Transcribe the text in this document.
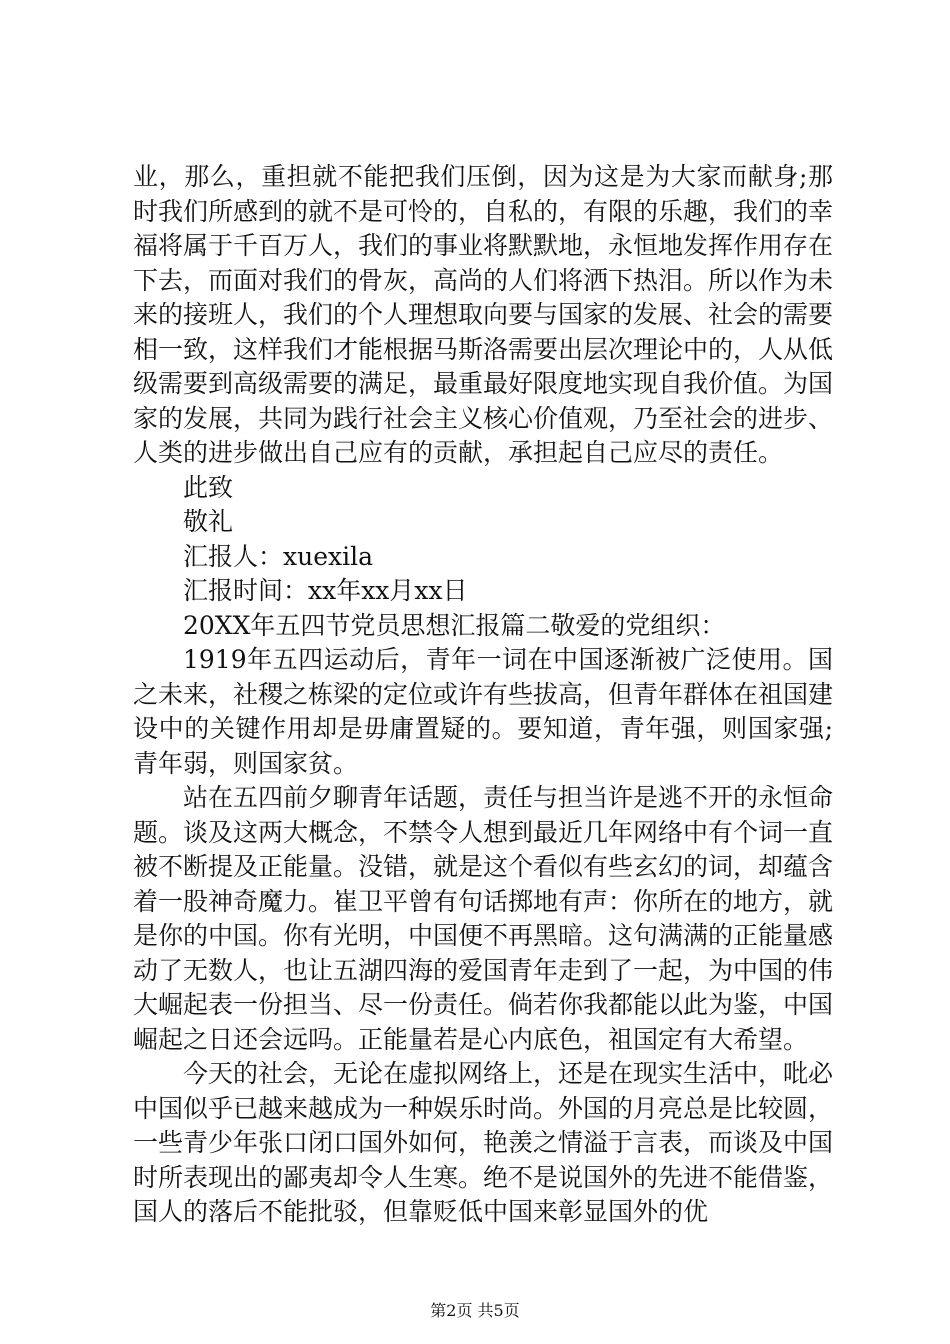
业，那么，重担就不能把我们压倒，因为这是为大家而献身;那时我们所感到的就不是可怜的，自私的，有限的乐趣，我们的幸福将属于千百万人，我们的事业将默默地，永恒地发挥作用存在下去，而面对我们的骨灰，高尚的人们将洒下热泪。所以作为未来的接班人，我们的个人理想取向要与国家的发展、社会的需要相一致，这样我们才能根据马斯洛需要出层次理论中的，人从低级需要到高级需要的满足，最重最好限度地实现自我价值。为国家的发展，共同为践行社会主义核心价值观，乃至社会的进步、人类的进步做出自己应有的贡献，承担起自己应尽的责任。

此致

敬礼

汇报人：xuexila

汇报时间：xx年xx月xx日

20XX年五四节党员思想汇报篇二敬爱的党组织：

1919年五四运动后，青年一词在中国逐渐被广泛使用。国之未来，社稷之栋梁的定位或许有些拔高，但青年群体在祖国建设中的关键作用却是毋庸置疑的。要知道，青年强，则国家强;青年弱，则国家贫。

站在五四前夕聊青年话题，责任与担当许是逃不开的永恒命题。谈及这两大概念，不禁令人想到最近几年网络中有个词一直被不断提及正能量。没错，就是这个看似有些玄幻的词，却蕴含着一股神奇魔力。崔卫平曾有句话掷地有声：你所在的地方，就是你的中国。你有光明，中国便不再黑暗。这句满满的正能量感动了无数人，也让五湖四海的爱国青年走到了一起，为中国的伟大崛起表一份担当、尽一份责任。倘若你我都能以此为鉴，中国崛起之日还会远吗。正能量若是心内底色，祖国定有大希望。

今天的社会，无论在虚拟网络上，还是在现实生活中，吡必中国似乎已越来越成为一种娱乐时尚。外国的月亮总是比较圆，一些青少年张口闭口国外如何，艳羡之情溢于言表，而谈及中国时所表现出的鄙夷却令人生寒。绝不是说国外的先进不能借鉴，国人的落后不能批驳，但靠贬低中国来彰显国外的优

第2页 共5页
